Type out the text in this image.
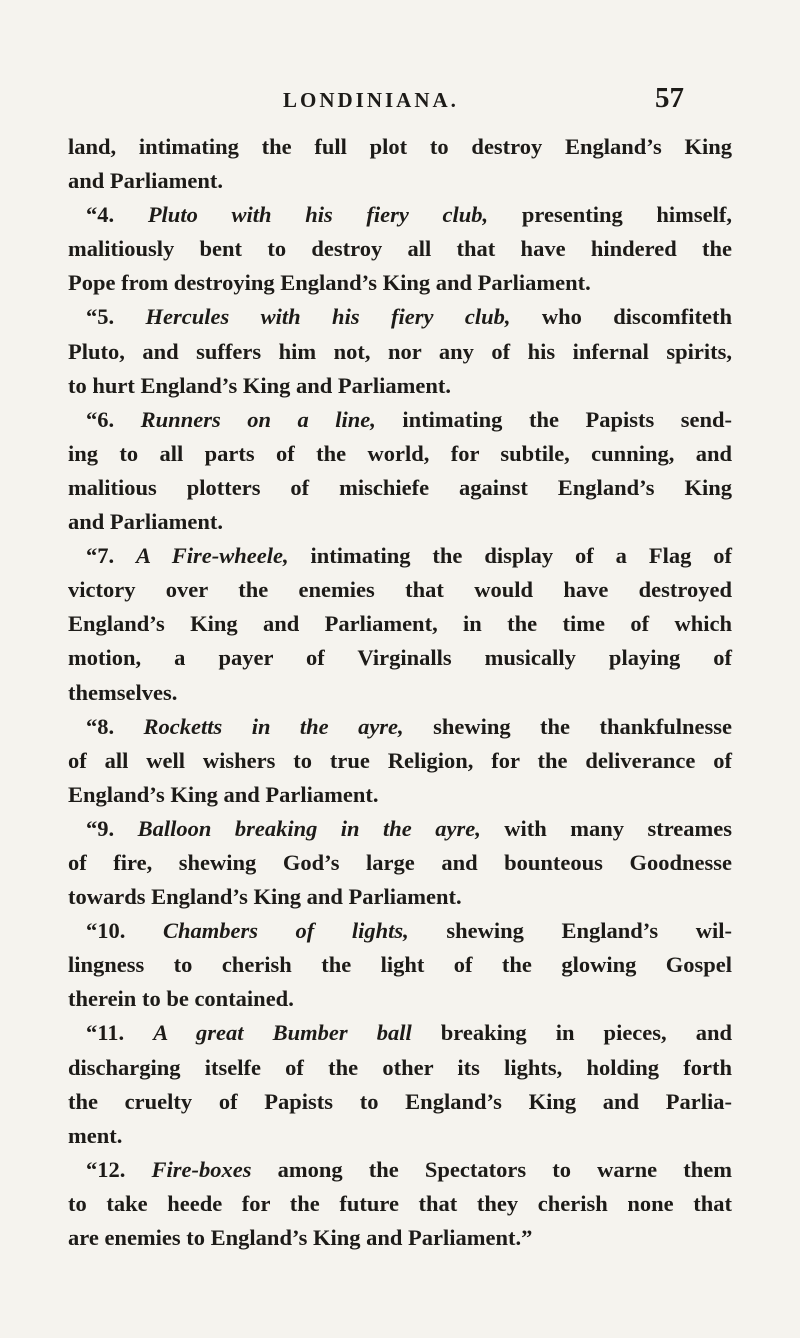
LONDINIANA.	57
land, intimating the full plot to destroy England’s King
and Parliament.
“4. Pluto with his fiery club, presenting himself,
malitiously bent to destroy all that have hindered the
Pope from destroying England’s King and Parliament.
“5. Hercules with his fiery club, who discomfiteth
Pluto, and suffers him not, nor any of his infernal spirits,
to hurt England’s King and Parliament.
“6. Runners on a line, intimating the Papists send-
ing to all parts of the world, for subtile, cunning, and
malitious plotters of mischiefe against England’s King
and Parliament.
“7. A Fire-wheele, intimating the display of a Flag of
victory over the enemies that would have destroyed
England’s King and Parliament, in the time of which
motion, a payer of Virginalls musically playing of
themselves.
“8. Rocketts in the ayre, shewing the thankfulnesse
of all well wishers to true Religion, for the deliverance of
England’s King and Parliament.
“9. Balloon breaking in the ayre, with many streames
of fire, shewing God’s large and bounteous Goodnesse
towards England’s King and Parliament.
“10. Chambers of lights, shewing England’s wil-
lingness to cherish the light of the glowing Gospel
therein to be contained.
“11. A great Bumber ball breaking in pieces, and
discharging itselfe of the other its lights, holding forth
the cruelty of Papists to England’s King and Parlia-
ment.
“12. Fire-boxes among the Spectators to warne them
to take heede for the future that they cherish none that
are enemies to England’s King and Parliament.”
